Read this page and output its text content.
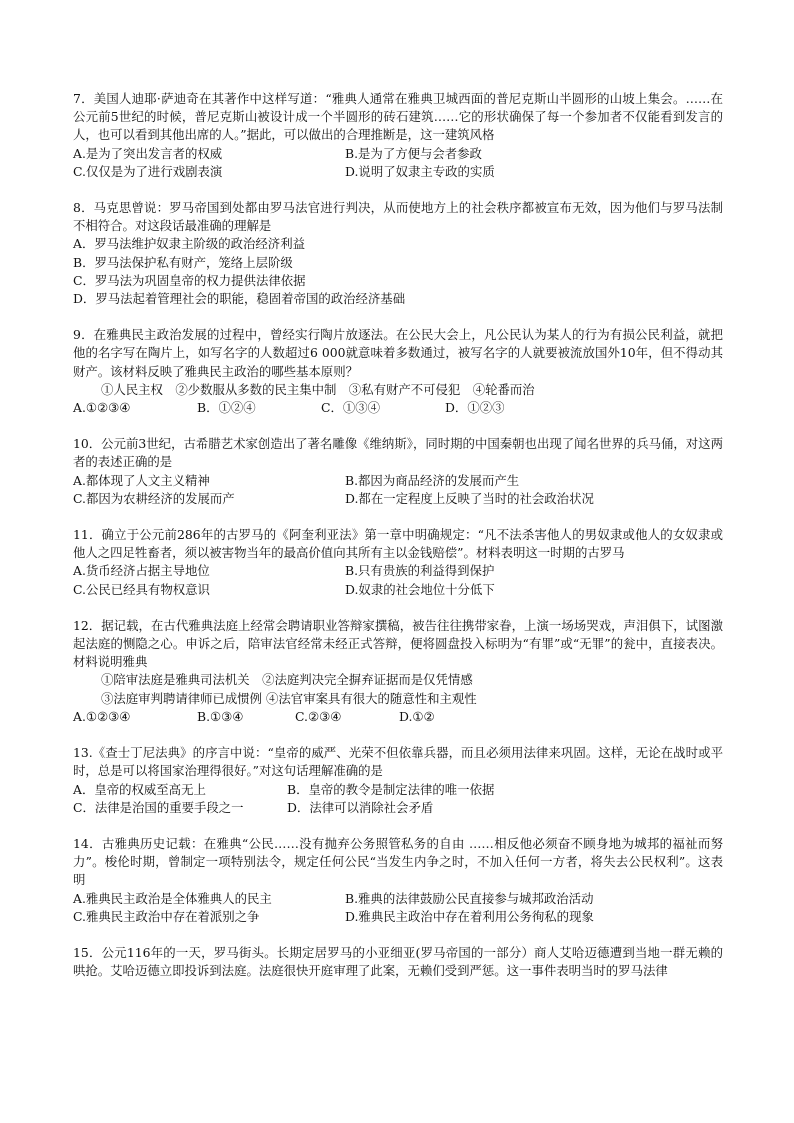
7．美国人迪耶·萨迪奇在其著作中这样写道：“雅典人通常在雅典卫城西面的普尼克斯山半圆形的山坡上集会。……在公元前5世纪的时候，普尼克斯山被设计成一个半圆形的砖石建筑……它的形状确保了每一个参加者不仅能看到发言的人，也可以看到其他出席的人。”据此，可以做出的合理推断是，这一建筑风格
A.是为了突出发言者的权威	B.是为了方便与会者参政
C.仅仅是为了进行戏剧表演	D.说明了奴隶主专政的实质
8．马克思曾说：罗马帝国到处都由罗马法官进行判决，从而使地方上的社会秩序都被宣布无效，因为他们与罗马法制不相符合。对这段话最准确的理解是
A．罗马法维护奴隶主阶级的政治经济利益
B．罗马法保护私有财产，笼络上层阶级
C．罗马法为巩固皇帝的权力提供法律依据
D．罗马法起着管理社会的职能，稳固着帝国的政治经济基础
9．在雅典民主政治发展的过程中，曾经实行陶片放逐法。在公民大会上，凡公民认为某人的行为有损公民利益，就把他的名字写在陶片上，如写名字的人数超过6 000就意味着多数通过，被写名字的人就要被流放国外10年，但不得动其财产。该材料反映了雅典民主政治的哪些基本原则？
①人民主权　②少数服从多数的民主集中制　③私有财产不可侵犯　④轮番而治
A.①②③④	B．①②④	C．①③④	D．①②③
10．公元前3世纪，古希腊艺术家创造出了著名雕像《维纳斯》，同时期的中国秦朝也出现了闻名世界的兵马俑，对这两者的表述正确的是
A.都体现了人文主义精神	B.都因为商品经济的发展而产生
C.都因为农耕经济的发展而产	D.都在一定程度上反映了当时的社会政治状况
11．确立于公元前286年的古罗马的《阿奎利亚法》第一章中明确规定：“凡不法杀害他人的男奴隶或他人的女奴隶或他人之四足牲畜者，须以被害物当年的最高价值向其所有主以金钱赔偿”。材料表明这一时期的古罗马
A.货币经济占据主导地位	B.只有贵族的利益得到保护
C.公民已经具有物权意识	D.奴隶的社会地位十分低下
12．据记载，在古代雅典法庭上经常会聘请职业答辩家撰稿，被告往往携带家眷，上演一场场哭戏，声泪俱下，试图激起法庭的恻隐之心。申诉之后，陪审法官经常未经正式答辩，便将圆盘投入标明为“有罪”或“无罪”的瓮中，直接表决。材料说明雅典
①陪审法庭是雅典司法机关　②法庭判决完全摒弃证据而是仅凭情感
③法庭审判聘请律师已成惯例 ④法官审案具有很大的随意性和主观性
A.①②③④	B.①③④	C.②③④	D.①②
13.《查士丁尼法典》的序言中说：“皇帝的威严、光荣不但依靠兵器，而且必须用法律来巩固。这样，无论在战时或平时，总是可以将国家治理得很好。”对这句话理解准确的是
A．皇帝的权威至高无上	B．皇帝的教令是制定法律的唯一依据
C．法律是治国的重要手段之一	D．法律可以消除社会矛盾
14．古雅典历史记载：在雅典“公民……没有抛弃公务照管私务的自由 ……相反他必须奋不顾身地为城邦的福祉而努力”。梭伦时期，曾制定一项特别法令，规定任何公民“当发生内争之时，不加入任何一方者，将失去公民权利”。这表明
A.雅典民主政治是全体雅典人的民主	B.雅典的法律鼓励公民直接参与城邦政治活动
C.雅典民主政治中存在着派别之争	D.雅典民主政治中存在着利用公务徇私的现象
15．公元116年的一天，罗马街头。长期定居罗马的小亚细亚(罗马帝国的一部分）商人艾哈迈德遭到当地一群无赖的哄抢。艾哈迈德立即投诉到法庭。法庭很快开庭审理了此案，无赖们受到严惩。这一事件表明当时的罗马法律
